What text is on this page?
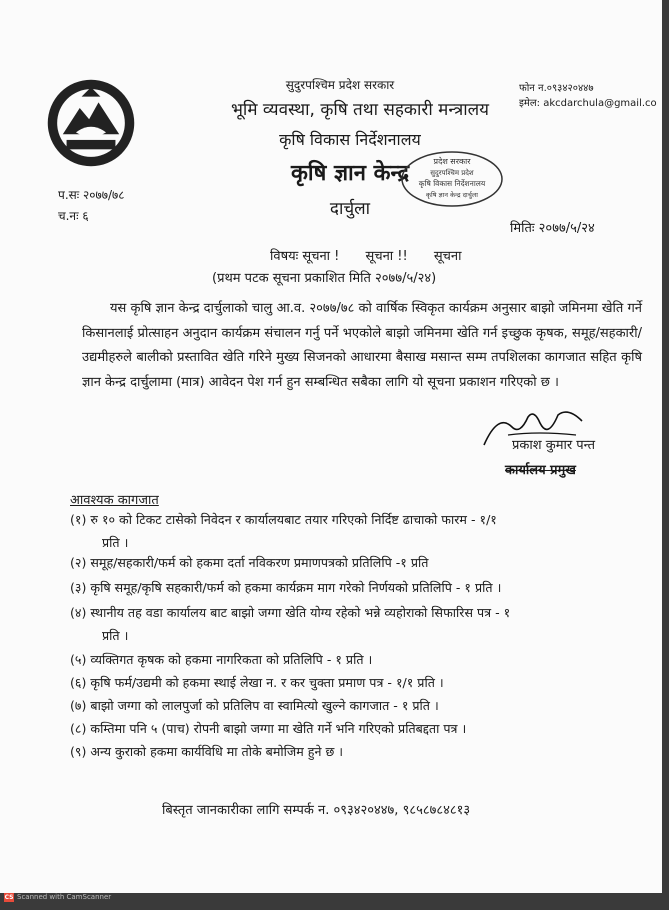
सुदुरपश्चिम प्रदेश सरकार
भूमि व्यवस्था, कृषि तथा सहकारी मन्त्रालय
कृषि विकास निर्देशनालय
कृषि ज्ञान केन्द्र
दार्चुला
फोन न.०९३४२०४४७
इमेल: akcdarchula@gmail.co
प.सः २०७७/७८
च.नः ६
प्रदेश सरकार
सुदुरपश्चिम प्रदेश
कृषि विकास निर्देशनालय
कृषि ज्ञान केन्द्र दार्चुला
मितिः २०७७/५/२४
विषयः सूचना ! सूचना !! सूचना
(प्रथम पटक सूचना प्रकाशित मिति २०७७/५/२४)
यस कृषि ज्ञान केन्द्र दार्चुलाको चालु आ.व. २०७७/७८ को वार्षिक स्विकृत कार्यक्रम अनुसार बाझो जमिनमा खेति गर्ने किसानलाई प्रोत्साहन अनुदान कार्यक्रम संचालन गर्नु पर्ने भएकोले बाझो जमिनमा खेति गर्न इच्छुक कृषक, समूह/सहकारी/उद्यमीहरुले बालीको प्रस्तावित खेति गरिने मुख्य सिजनको आधारमा बैसाख मसान्त सम्म तपशिलका कागजात सहित कृषि ज्ञान केन्द्र दार्चुलामा (मात्र) आवेदन पेश गर्न हुन सम्बन्धित सबैका लागि यो सूचना प्रकाशन गरिएको छ ।
प्रकाश कुमार पन्त
कार्यालय प्रमुख
आवश्यक कागजात
(१) रु १० को टिकट टासेको निवेदन र कार्यालयबाट तयार गरिएको निर्दिष्ट ढाचाको फारम - १/१
प्रति ।
(२) समूह/सहकारी/फर्म को हकमा दर्ता नविकरण प्रमाणपत्रको प्रतिलिपि -१ प्रति
(३) कृषि समूह/कृषि सहकारी/फर्म को हकमा कार्यक्रम माग गरेको निर्णयको प्रतिलिपि - १ प्रति ।
(४) स्थानीय तह वडा कार्यालय बाट बाझो जग्गा खेति योग्य रहेको भन्ने व्यहोराको सिफारिस पत्र - १
प्रति ।
(५) व्यक्तिगत कृषक को हकमा नागरिकता को प्रतिलिपि - १ प्रति ।
(६) कृषि फर्म/उद्यमी को हकमा स्थाई लेखा न. र कर चुक्ता प्रमाण पत्र - १/१ प्रति ।
(७) बाझो जग्गा को लालपुर्जा को प्रतिलिप वा स्वामित्यो खुल्ने कागजात - १ प्रति ।
(८) कम्तिमा पनि ५ (पाच) रोपनी बाझो जग्गा मा खेति गर्ने भनि गरिएको प्रतिबद्दता पत्र ।
(९) अन्य कुराको हकमा कार्यविधि मा तोके बमोजिम हुने छ ।
बिस्तृत जानकारीका लागि सम्पर्क न. ०९३४२०४४७, ९८५८७८४८१३
CS Scanned with CamScanner
